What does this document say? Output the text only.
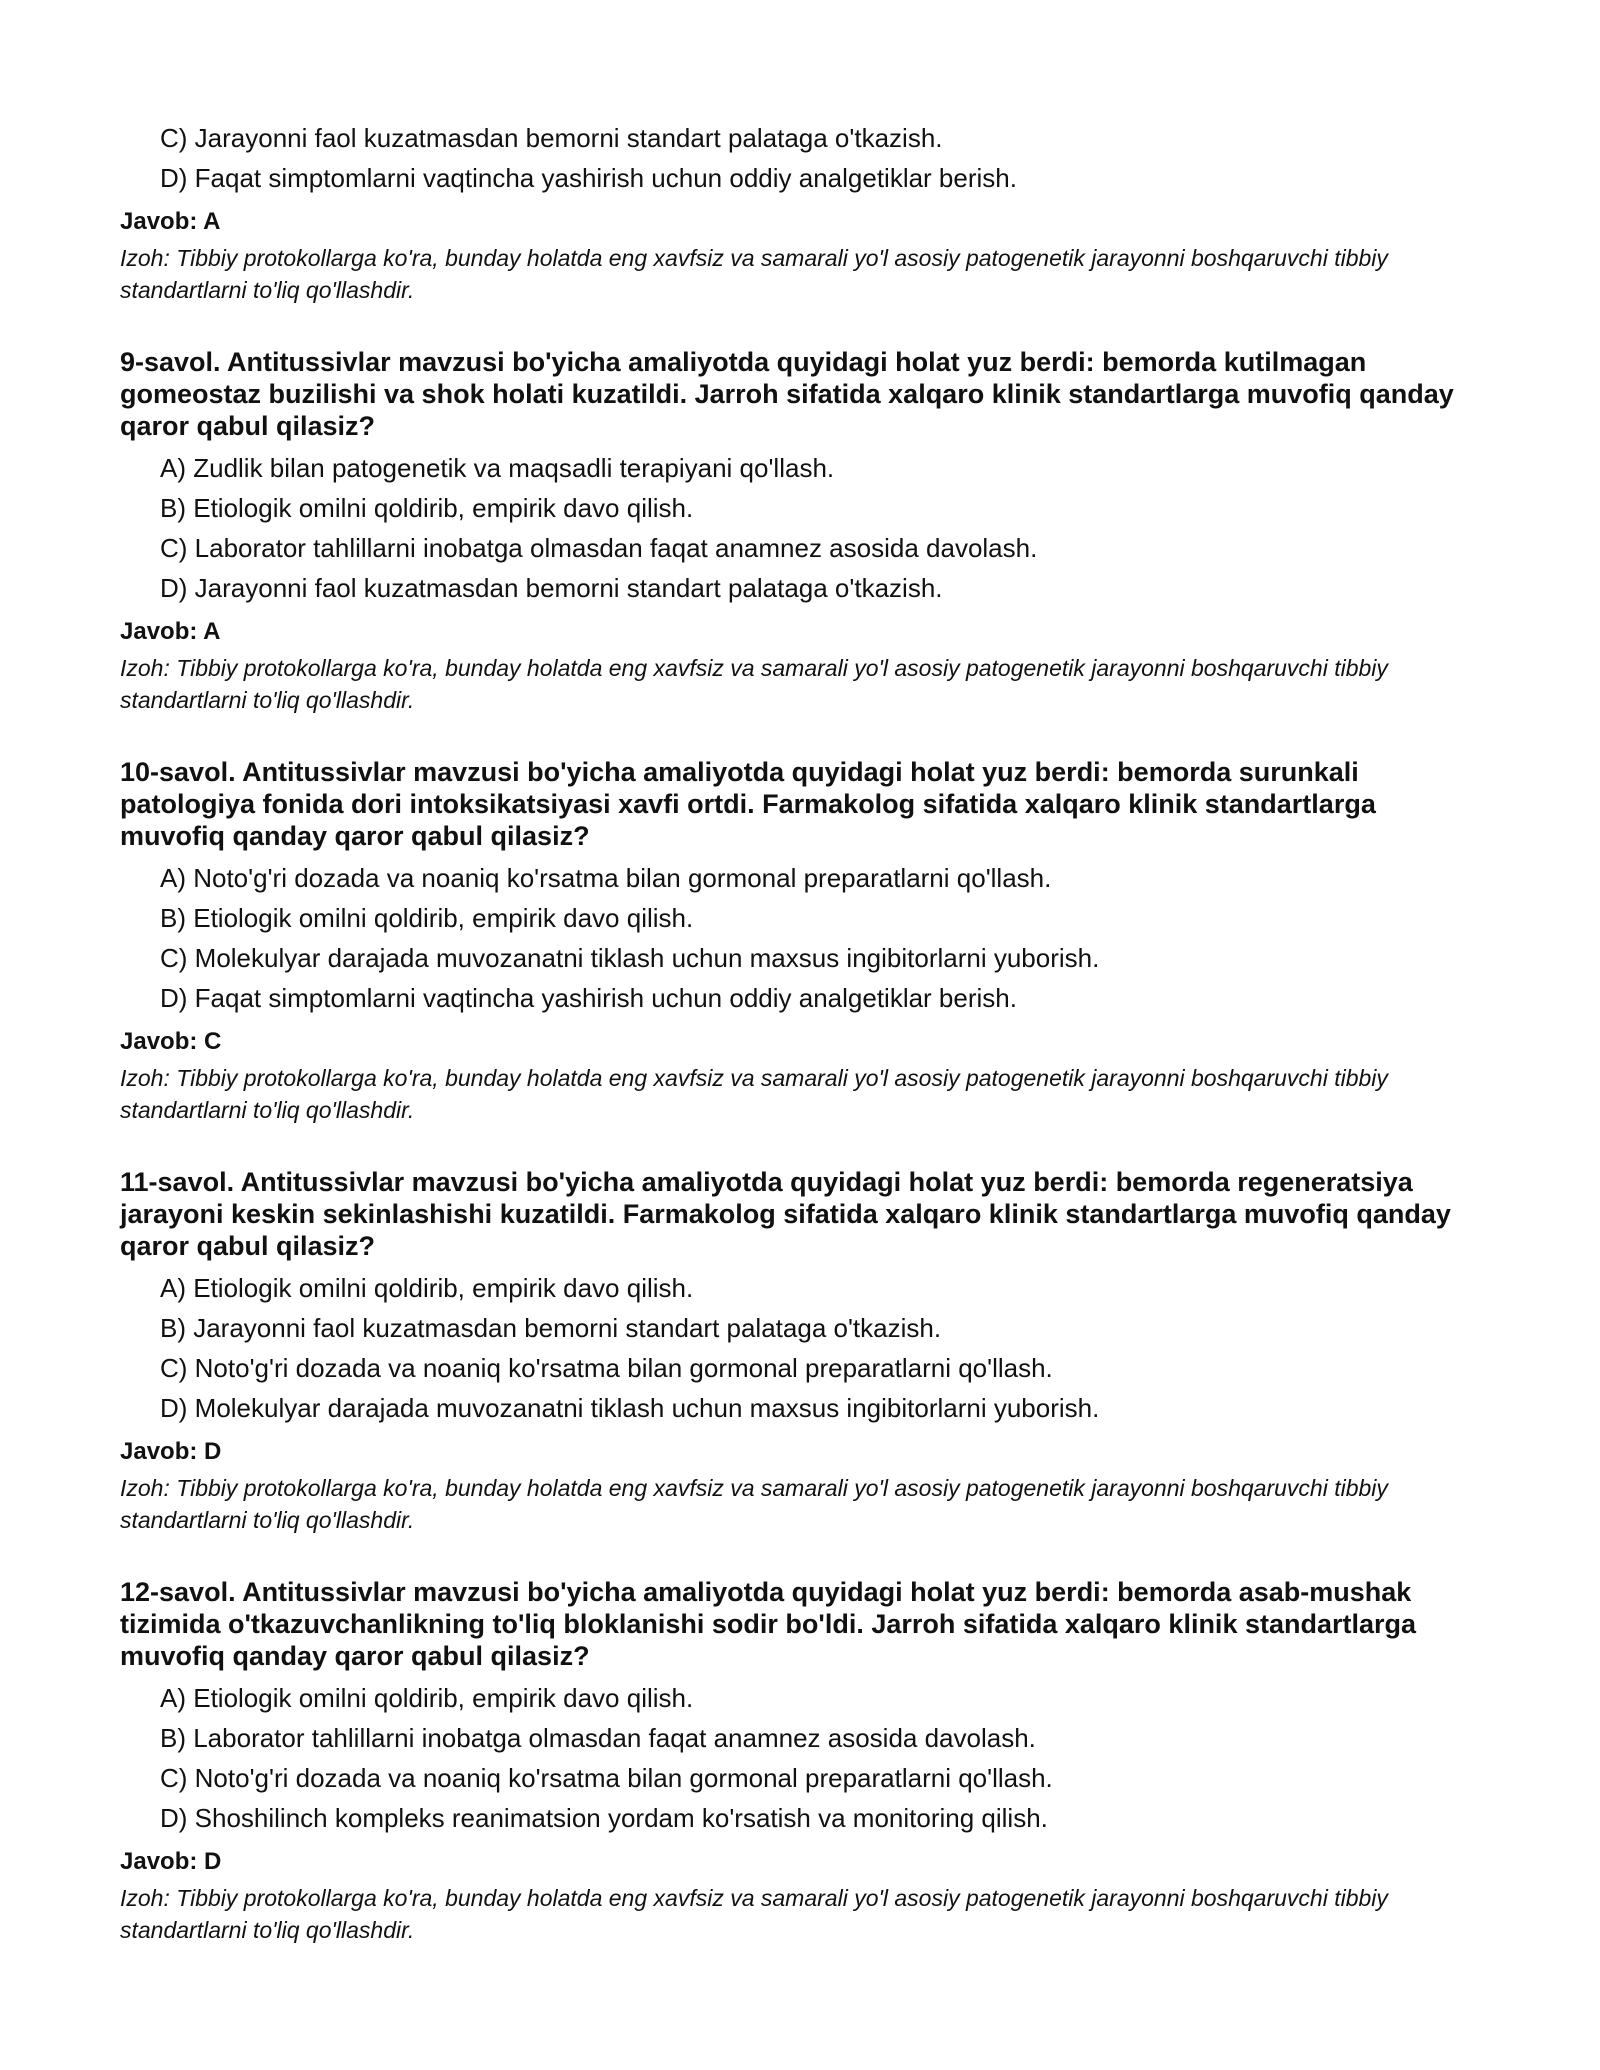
C) Jarayonni faol kuzatmasdan bemorni standart palataga o'tkazish.
D) Faqat simptomlarni vaqtincha yashirish uchun oddiy analgetiklar berish.
Javob: A
Izoh: Tibbiy protokollarga ko'ra, bunday holatda eng xavfsiz va samarali yo'l asosiy patogenetik jarayonni boshqaruvchi tibbiy standartlarni to'liq qo'llashdir.
9-savol. Antitussivlar mavzusi bo'yicha amaliyotda quyidagi holat yuz berdi: bemorda kutilmagan gomeostaz buzilishi va shok holati kuzatildi. Jarroh sifatida xalqaro klinik standartlarga muvofiq qanday qaror qabul qilasiz?
A) Zudlik bilan patogenetik va maqsadli terapiyani qo'llash.
B) Etiologik omilni qoldirib, empirik davo qilish.
C) Laborator tahlillarni inobatga olmasdan faqat anamnez asosida davolash.
D) Jarayonni faol kuzatmasdan bemorni standart palataga o'tkazish.
Javob: A
Izoh: Tibbiy protokollarga ko'ra, bunday holatda eng xavfsiz va samarali yo'l asosiy patogenetik jarayonni boshqaruvchi tibbiy standartlarni to'liq qo'llashdir.
10-savol. Antitussivlar mavzusi bo'yicha amaliyotda quyidagi holat yuz berdi: bemorda surunkali patologiya fonida dori intoksikatsiyasi xavfi ortdi. Farmakolog sifatida xalqaro klinik standartlarga muvofiq qanday qaror qabul qilasiz?
A) Noto'g'ri dozada va noaniq ko'rsatma bilan gormonal preparatlarni qo'llash.
B) Etiologik omilni qoldirib, empirik davo qilish.
C) Molekulyar darajada muvozanatni tiklash uchun maxsus ingibitorlarni yuborish.
D) Faqat simptomlarni vaqtincha yashirish uchun oddiy analgetiklar berish.
Javob: C
Izoh: Tibbiy protokollarga ko'ra, bunday holatda eng xavfsiz va samarali yo'l asosiy patogenetik jarayonni boshqaruvchi tibbiy standartlarni to'liq qo'llashdir.
11-savol. Antitussivlar mavzusi bo'yicha amaliyotda quyidagi holat yuz berdi: bemorda regeneratsiya jarayoni keskin sekinlashishi kuzatildi. Farmakolog sifatida xalqaro klinik standartlarga muvofiq qanday qaror qabul qilasiz?
A) Etiologik omilni qoldirib, empirik davo qilish.
B) Jarayonni faol kuzatmasdan bemorni standart palataga o'tkazish.
C) Noto'g'ri dozada va noaniq ko'rsatma bilan gormonal preparatlarni qo'llash.
D) Molekulyar darajada muvozanatni tiklash uchun maxsus ingibitorlarni yuborish.
Javob: D
Izoh: Tibbiy protokollarga ko'ra, bunday holatda eng xavfsiz va samarali yo'l asosiy patogenetik jarayonni boshqaruvchi tibbiy standartlarni to'liq qo'llashdir.
12-savol. Antitussivlar mavzusi bo'yicha amaliyotda quyidagi holat yuz berdi: bemorda asab-mushak tizimida o'tkazuvchanlikning to'liq bloklanishi sodir bo'ldi. Jarroh sifatida xalqaro klinik standartlarga muvofiq qanday qaror qabul qilasiz?
A) Etiologik omilni qoldirib, empirik davo qilish.
B) Laborator tahlillarni inobatga olmasdan faqat anamnez asosida davolash.
C) Noto'g'ri dozada va noaniq ko'rsatma bilan gormonal preparatlarni qo'llash.
D) Shoshilinch kompleks reanimatsion yordam ko'rsatish va monitoring qilish.
Javob: D
Izoh: Tibbiy protokollarga ko'ra, bunday holatda eng xavfsiz va samarali yo'l asosiy patogenetik jarayonni boshqaruvchi tibbiy standartlarni to'liq qo'llashdir.
